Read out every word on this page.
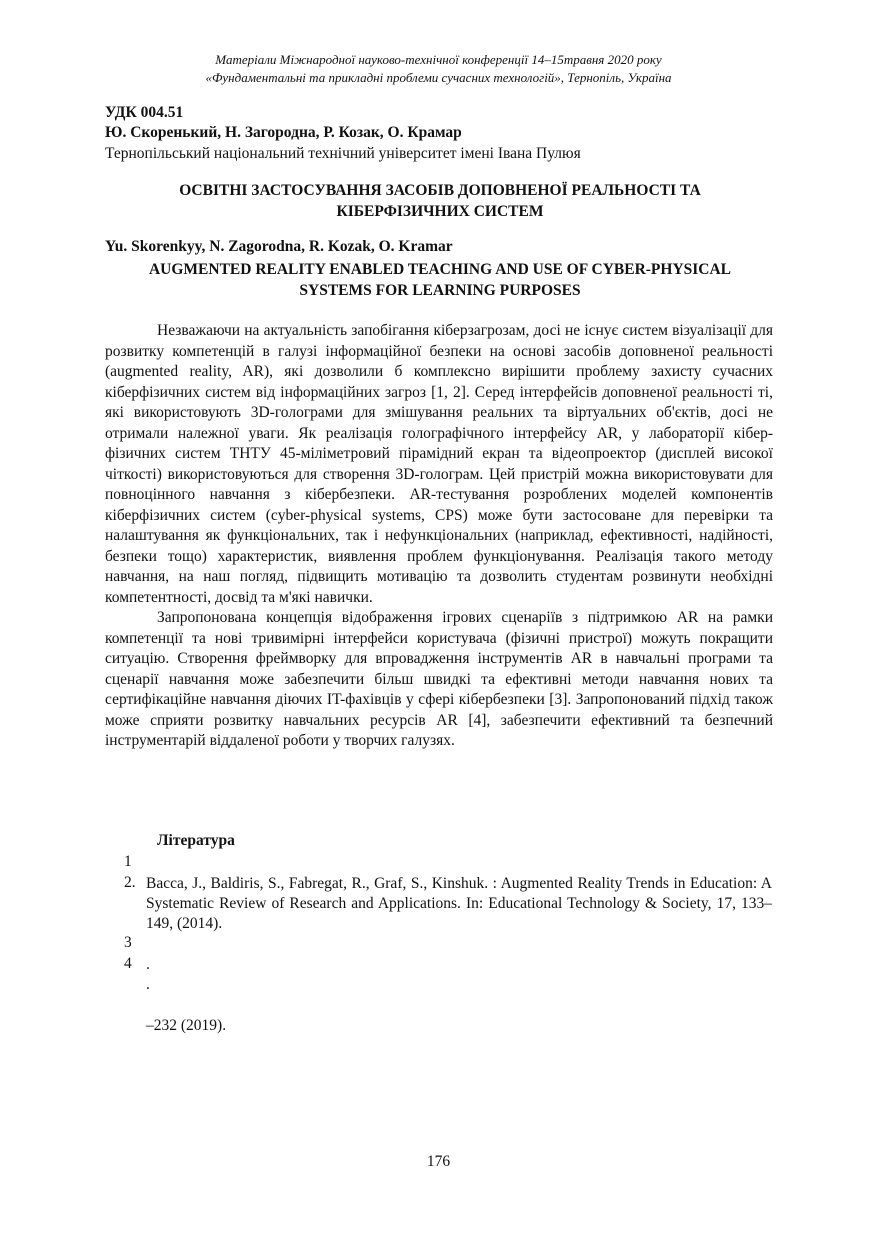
Матеріали Міжнародної науково-технічної конференції 14–15травня 2020 року
«Фундаментальні та прикладні проблеми сучасних технологій», Тернопіль, Україна
УДК 004.51
Ю. Скоренький, Н. Загородна, Р. Козак, О. Крамар
Тернопільський національний технічний університет імені Івана Пулюя
ОСВІТНІ ЗАСТОСУВАННЯ ЗАСОБІВ ДОПОВНЕНОЇ РЕАЛЬНОСТІ ТА
КІБЕРФІЗИЧНИХ СИСТЕМ
Yu. Skorenkyy, N. Zagorodna, R. Kozak, O. Kramar
AUGMENTED REALITY ENABLED TEACHING AND USE OF CYBER-PHYSICAL
SYSTEMS FOR LEARNING PURPOSES

Незважаючи на актуальність запобігання кіберзагрозам, досі не існує систем візуалізації для розвитку компетенцій в галузі інформаційної безпеки на основі засобів доповненої реальності (augmented reality, AR), які дозволили б комплексно вирішити проблему захисту сучасних кіберфізичних систем від інформаційних загроз [1, 2]. Серед інтерфейсів доповненої реальності ті, які використовують 3D-голограми для змішування реальних та віртуальних об'єктів, досі не отримали належної уваги. Як реалізація голографічного інтерфейсу AR, у лабораторії кібер-фізичних систем ТНТУ 45-міліметровий пірамідний екран та відеопроектор (дисплей високої чіткості) використовуються для створення 3D-голограм. Цей пристрій можна використовувати для повноцінного навчання з кібербезпеки. AR-тестування розроблених моделей компонентів кіберфізичних систем (cyber-physical systems, CPS) може бути застосоване для перевірки та налаштування як функціональних, так і нефункціональних (наприклад, ефективності, надійності, безпеки тощо) характеристик, виявлення проблем функціонування. Реалізація такого методу навчання, на наш погляд, підвищить мотивацію та дозволить студентам розвинути необхідні компетентності, досвід та м'які навички.

Запропонована концепція відображення ігрових сценаріїв з підтримкою AR на рамки компетенції та нові тривимірні інтерфейси користувача (фізичні пристрої) можуть покращити ситуацію. Створення фреймворку для впровадження інструментів AR в навчальні програми та сценарії навчання може забезпечити більш швидкі та ефективні методи навчання нових та сертифікаційне навчання діючих IT-фахівців у сфері кібербезпеки [3]. Запропонований підхід також може сприяти розвитку навчальних ресурсів AR [4], забезпечити ефективний та безпечний інструментарій віддаленої роботи у творчих галузях.

Література
1
2. Bacca, J., Baldiris, S., Fabregat, R., Graf, S., Kinshuk. : Augmented Reality Trends in Education: A Systematic Review of Research and Applications. In: Educational Technology & Society, 17, 133–149, (2014).
3
4 .
.
–232 (2019).
176
